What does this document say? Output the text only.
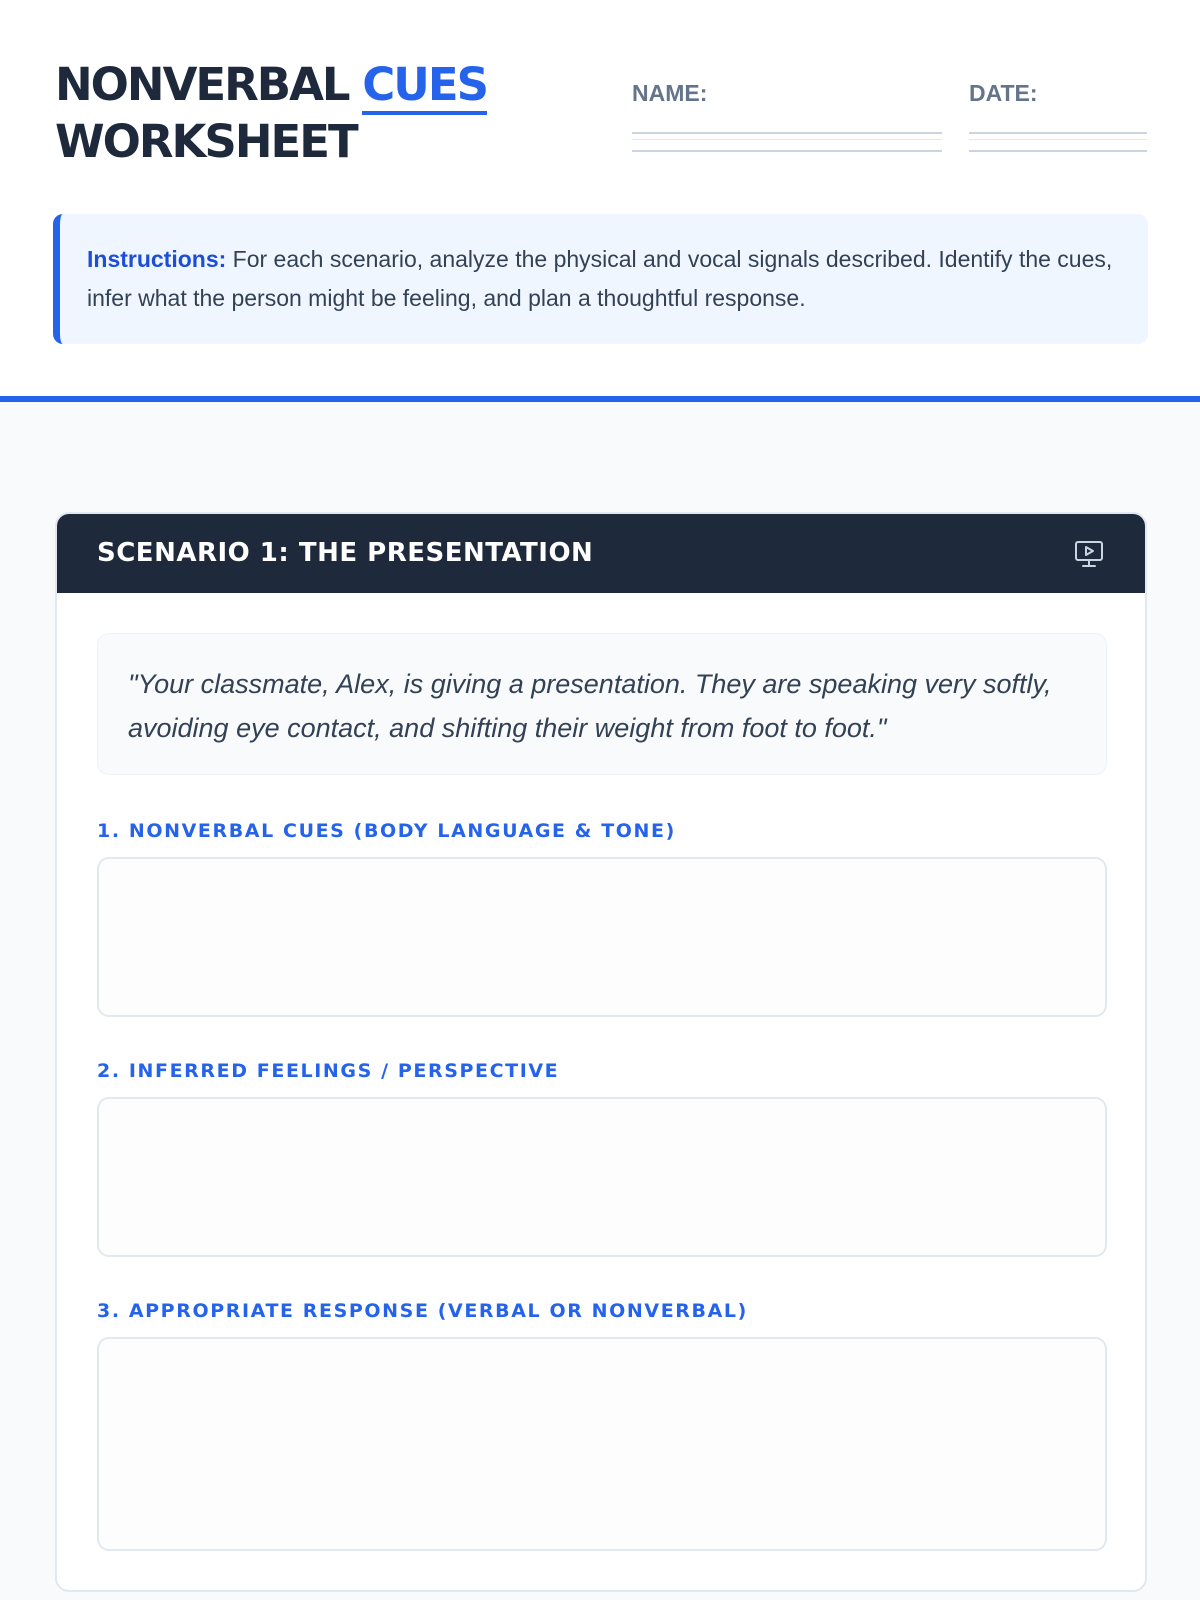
NONVERBAL CUES
WORKSHEET
NAME:	DATE:
Instructions: For each scenario, analyze the physical and vocal signals described. Identify the cues, infer what the person might be feeling, and plan a thoughtful response.
SCENARIO 1: THE PRESENTATION
"Your classmate, Alex, is giving a presentation. They are speaking very softly, avoiding eye contact, and shifting their weight from foot to foot."
1. NONVERBAL CUES (BODY LANGUAGE & TONE)
2. INFERRED FEELINGS / PERSPECTIVE
3. APPROPRIATE RESPONSE (VERBAL OR NONVERBAL)
